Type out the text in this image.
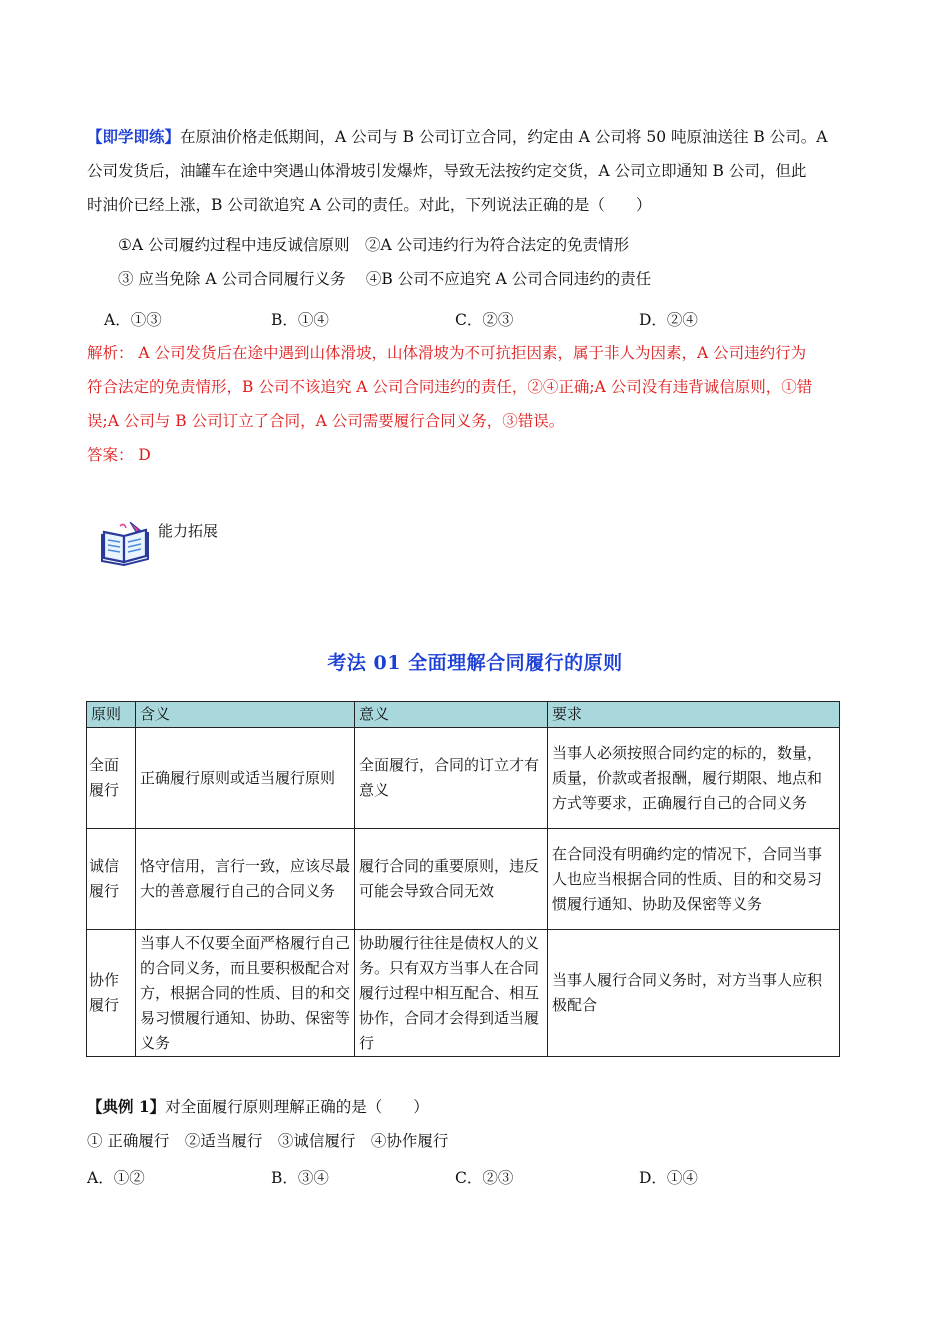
【即学即练】在原油价格走低期间，A 公司与 B 公司订立合同，约定由 A 公司将 50 吨原油送往 B 公司。A
公司发货后，油罐车在途中突遇山体滑坡引发爆炸，导致无法按约定交货，A 公司立即通知 B 公司，但此
时油价已经上涨，B 公司欲追究 A 公司的责任。对此，下列说法正确的是（　　）
①A 公司履约过程中违反诚信原则　②A 公司违约行为符合法定的免责情形
③ 应当免除 A 公司合同履行义务　 ④B 公司不应追究 A 公司合同违约的责任
A．①③	B．①④	C．②③	D．②④
解析： A 公司发货后在途中遇到山体滑坡，山体滑坡为不可抗拒因素，属于非人为因素，A 公司违约行为
符合法定的免责情形，B 公司不该追究 A 公司合同违约的责任，②④正确;A 公司没有违背诚信原则，①错
误;A 公司与 B 公司订立了合同，A 公司需要履行合同义务，③错误。
答案： D
能力拓展
考法 01 全面理解合同履行的原则
原则	含义	意义	要求
全面履行	正确履行原则或适当履行原则	全面履行，合同的订立才有意义	当事人必须按照合同约定的标的，数量，质量，价款或者报酬，履行期限、地点和方式等要求，正确履行自己的合同义务
诚信履行	恪守信用，言行一致，应该尽最大的善意履行自己的合同义务	履行合同的重要原则，违反可能会导致合同无效	在合同没有明确约定的情况下，合同当事人也应当根据合同的性质、目的和交易习惯履行通知、协助及保密等义务
协作履行	当事人不仅要全面严格履行自己的合同义务，而且要积极配合对方，根据合同的性质、目的和交易习惯履行通知、协助、保密等义务	协助履行往往是债权人的义务。只有双方当事人在合同履行过程中相互配合、相互协作，合同才会得到适当履行	当事人履行合同义务时，对方当事人应积极配合
【典例 1】对全面履行原则理解正确的是（　　）
① 正确履行　②适当履行　③诚信履行　④协作履行
A．①②	B．③④	C．②③	D．①④
